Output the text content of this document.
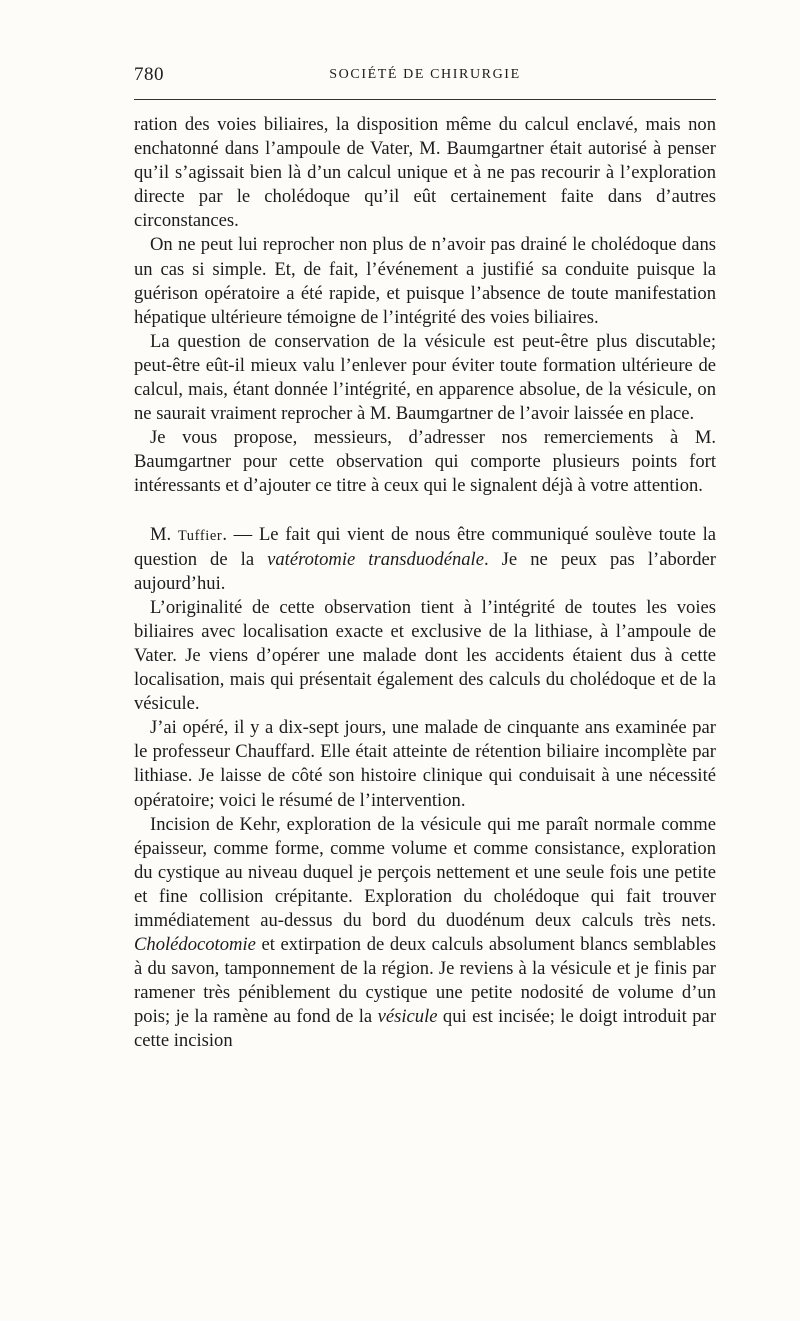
780	SOCIÉTÉ DE CHIRURGIE

ration des voies biliaires, la disposition même du calcul enclavé, mais non enchatonné dans l’ampoule de Vater, M. Baumgartner était autorisé à penser qu’il s’agissait bien là d’un calcul unique et à ne pas recourir à l’exploration directe par le cholédoque qu’il eût certainement faite dans d’autres circonstances.

On ne peut lui reprocher non plus de n’avoir pas drainé le cholédoque dans un cas si simple. Et, de fait, l’événement a justifié sa conduite puisque la guérison opératoire a été rapide, et puisque l’absence de toute manifestation hépatique ultérieure témoigne de l’intégrité des voies biliaires.

La question de conservation de la vésicule est peut-être plus discutable; peut-être eût-il mieux valu l’enlever pour éviter toute formation ultérieure de calcul, mais, étant donnée l’intégrité, en apparence absolue, de la vésicule, on ne saurait vraiment reprocher à M. Baumgartner de l’avoir laissée en place.

Je vous propose, messieurs, d’adresser nos remerciements à M. Baumgartner pour cette observation qui comporte plusieurs points fort intéressants et d’ajouter ce titre à ceux qui le signalent déjà à votre attention.

M. Tuffier. — Le fait qui vient de nous être communiqué soulève toute la question de la vatérotomie transduodénale. Je ne peux pas l’aborder aujourd’hui.

L’originalité de cette observation tient à l’intégrité de toutes les voies biliaires avec localisation exacte et exclusive de la lithiase, à l’ampoule de Vater. Je viens d’opérer une malade dont les accidents étaient dus à cette localisation, mais qui présentait également des calculs du cholédoque et de la vésicule.

J’ai opéré, il y a dix-sept jours, une malade de cinquante ans examinée par le professeur Chauffard. Elle était atteinte de rétention biliaire incomplète par lithiase. Je laisse de côté son histoire clinique qui conduisait à une nécessité opératoire; voici le résumé de l’intervention.

Incision de Kehr, exploration de la vésicule qui me paraît normale comme épaisseur, comme forme, comme volume et comme consistance, exploration du cystique au niveau duquel je perçois nettement et une seule fois une petite et fine collision crépitante. Exploration du cholédoque qui fait trouver immédiatement au-dessus du bord du duodénum deux calculs très nets. Cholédocotomie et extirpation de deux calculs absolument blancs semblables à du savon, tamponnement de la région. Je reviens à la vésicule et je finis par ramener très péniblement du cystique une petite nodosité de volume d’un pois; je la ramène au fond de la vésicule qui est incisée; le doigt introduit par cette incision
